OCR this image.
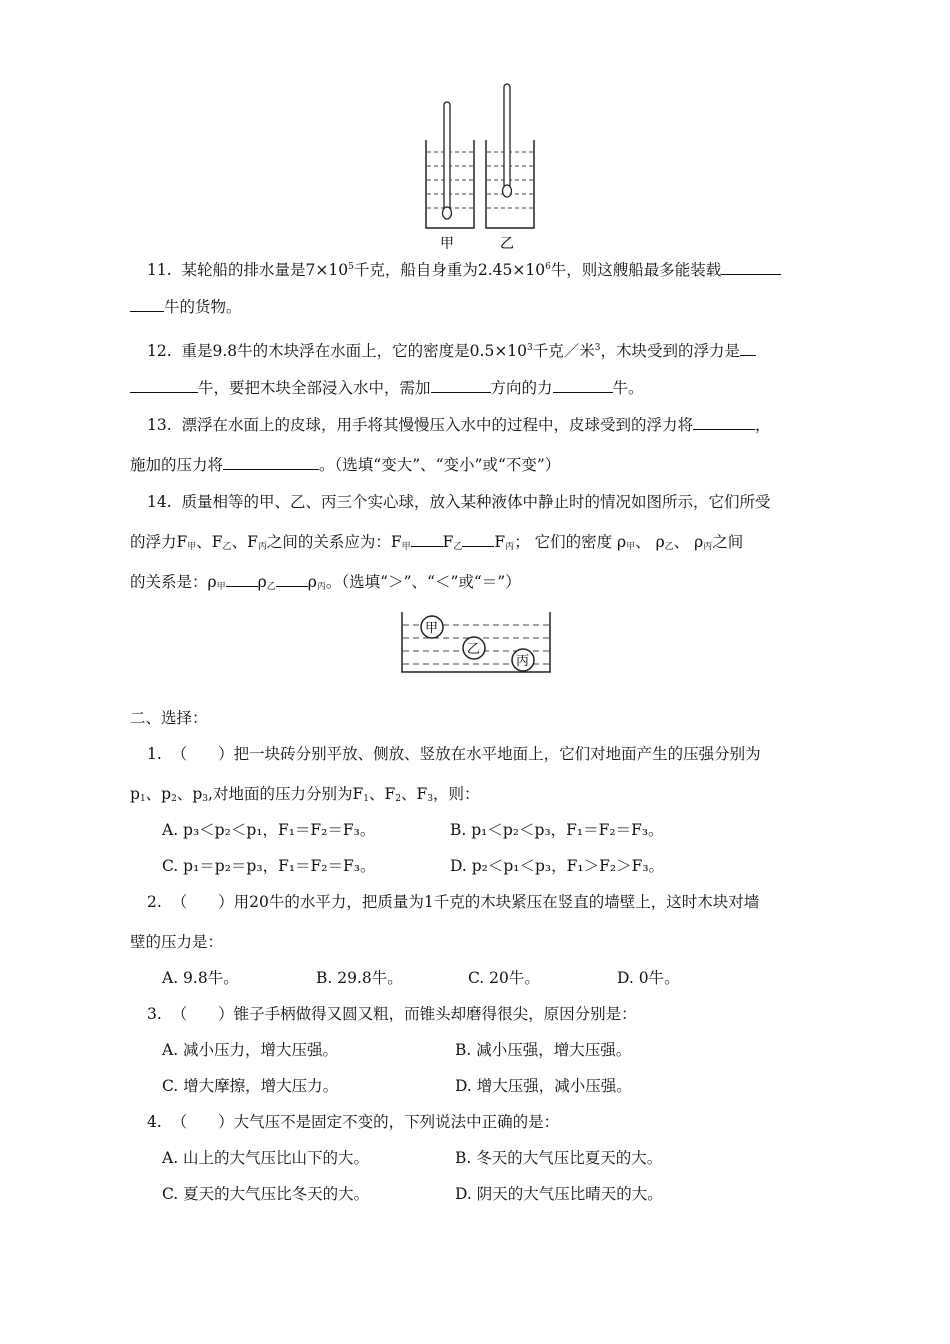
甲	乙
11. 某轮船的排水量是$7\times 10^5$千克，船自身重为$2.45\times 10^6$牛，则这艘船最多能装载
牛的货物。
12. 重是9.8牛的木块浮在水面上，它的密度是$0.5\times 10^3$千克／米$^3$，木块受到的浮力是
牛，要把木块全部浸入水中，需加	方向的力	牛。
13. 漂浮在水面上的皮球，用手将其慢慢压入水中的过程中，皮球受到的浮力将	，
施加的压力将	。（选填“变大”、“变小”或“不变”）
14. 质量相等的甲、乙、丙三个实心球，放入某种液体中静止时的情况如图所示，它们所受
的浮力$F_甲$、$F_乙$、$F_丙$之间的关系应为：$F_甲$ $F_乙$ $F_丙$； 它们的密度 $\rho_甲$、 $\rho_乙$、 $\rho_丙$之间
的关系是：$\rho_甲$ $\rho_乙$ $\rho_丙$。（选填“＞”、“＜”或“＝”）
甲
乙
丙
二、选择：
1. （　　）把一块砖分别平放、侧放、竖放在水平地面上，它们对地面产生的压强分别为
$p_1$、$p_2$、$p_3$,对地面的压力分别为$F_1$、$F_2$、$F_3$，则：
A. p₃＜p₂＜p₁，F₁＝F₂＝F₃。	B. p₁＜p₂＜p₃，F₁＝F₂＝F₃。
C. p₁＝p₂＝p₃，F₁＝F₂＝F₃。	D. p₂＜p₁＜p₃，F₁＞F₂＞F₃。
2. （　　）用20牛的水平力，把质量为1千克的木块紧压在竖直的墙壁上，这时木块对墙
壁的压力是：
A. 9.8牛。	B. 29.8牛。	C. 20牛。	D. 0牛。
3. （　　）锥子手柄做得又圆又粗，而锥头却磨得很尖，原因分别是：
A. 减小压力，增大压强。	B. 减小压强，增大压强。
C. 增大摩擦，增大压力。	D. 增大压强，减小压强。
4. （　　）大气压不是固定不变的，下列说法中正确的是：
A. 山上的大气压比山下的大。	B. 冬天的大气压比夏天的大。
C. 夏天的大气压比冬天的大。	D. 阴天的大气压比晴天的大。
